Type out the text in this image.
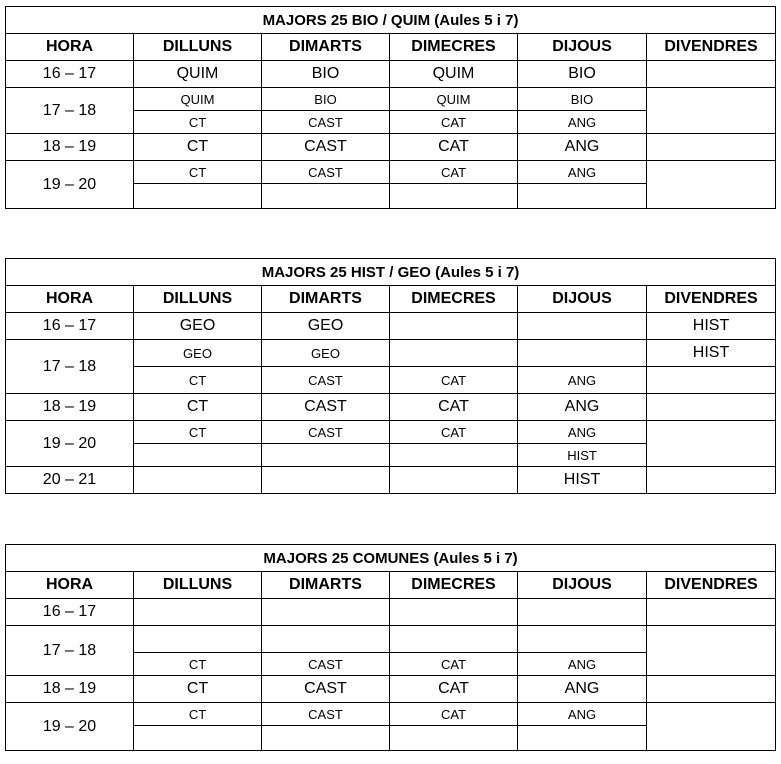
MAJORS 25 BIO / QUIM (Aules 5 i 7)					
HORA	DILLUNS	DIMARTS	DIMECRES	DIJOUS	DIVENDRES
16 – 17	QUIM	BIO	QUIM	BIO	
17 – 18	QUIM	BIO	QUIM	BIO	
	CT	CAST	CAT	ANG	
18 – 19	CT	CAST	CAT	ANG	
19 – 20	CT	CAST	CAT	ANG	

MAJORS 25 HIST / GEO (Aules 5 i 7)					
HORA	DILLUNS	DIMARTS	DIMECRES	DIJOUS	DIVENDRES
16 – 17	GEO	GEO			HIST
17 – 18	GEO	GEO			HIST
	CT	CAST	CAT	ANG	
18 – 19	CT	CAST	CAT	ANG	
19 – 20	CT	CAST	CAT	ANG	
				HIST	
20 – 21				HIST	
MAJORS 25 COMUNES (Aules 5 i 7)					
HORA	DILLUNS	DIMARTS	DIMECRES	DIJOUS	DIVENDRES
16 – 17					
17 – 18					
	CT	CAST	CAT	ANG	
18 – 19	CT	CAST	CAT	ANG	
19 – 20	CT	CAST	CAT	ANG	
